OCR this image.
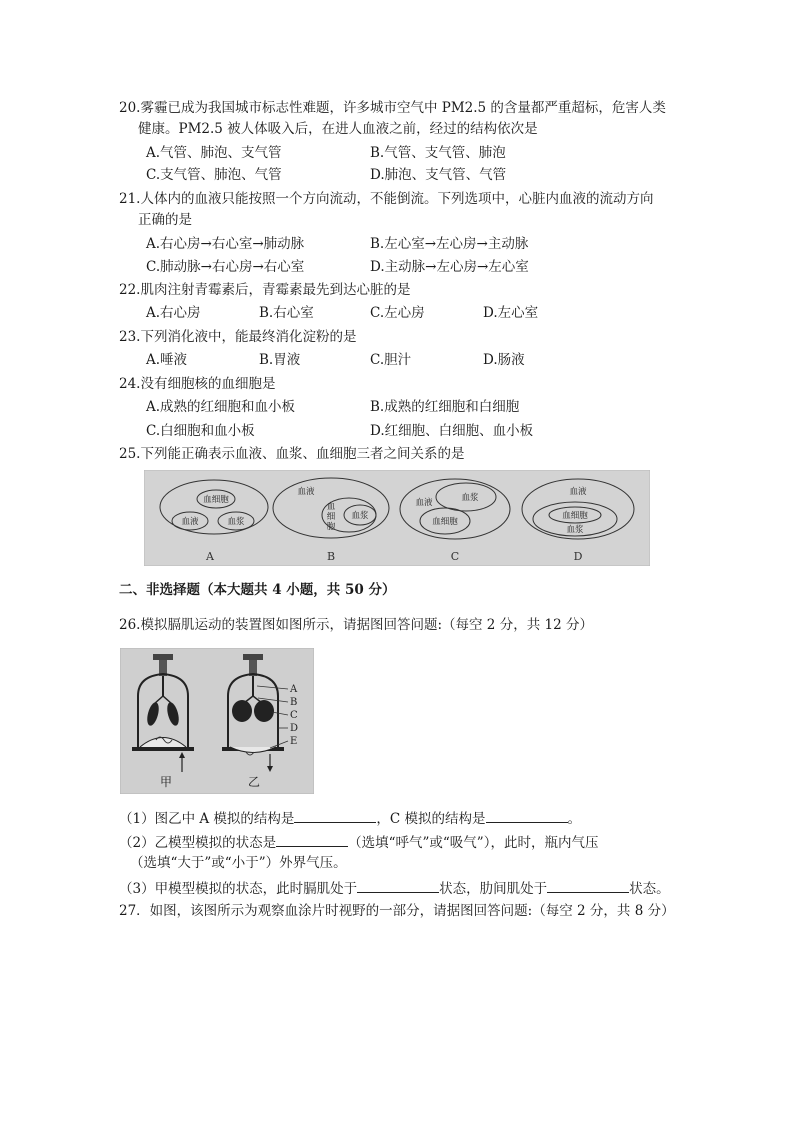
20.雾霾已成为我国城市标志性难题，许多城市空气中 PM2.5 的含量都严重超标，危害人类
健康。PM2.5 被人体吸入后，在进人血液之前，经过的结构依次是
A.气管、肺泡、支气管	B.气管、支气管、肺泡
C.支气管、肺泡、气管	D.肺泡、支气管、气管
21.人体内的血液只能按照一个方向流动，不能倒流。下列选项中，心脏内血液的流动方向
正确的是
A.右心房→右心室→肺动脉	B.左心室→左心房→主动脉
C.肺动脉→右心房→右心室	D.主动脉→左心房→左心室
22.肌肉注射青霉素后，青霉素最先到达心脏的是
A.右心房	B.右心室	C.左心房	D.左心室
23.下列消化液中，能最终消化淀粉的是
A.唾液	B.胃液	C.胆汁	D.肠液
24.没有细胞核的血细胞是
A.成熟的红细胞和血小板	B.成熟的红细胞和白细胞
C.白细胞和血小板	D.红细胞、白细胞、血小板
25.下列能正确表示血液、血浆、血细胞三者之间关系的是
血细胞
血液	血浆
A
血液
血
细
胞
血浆
B
血液	血浆
血细胞
C
血液
血细胞
血浆
D
二、非选择题（本大题共 4 小题，共 50 分）
26.模拟膈肌运动的装置图如图所示，请据图回答问题:（每空 2 分，共 12 分）
甲	乙
A
B
C
D
E
（1）图乙中 A 模拟的结构是	，C 模拟的结构是	。
（2）乙模型模拟的状态是	（选填“呼气”或“吸气”），此时，瓶内气压
（选填“大于”或“小于”）外界气压。
（3）甲模型模拟的状态，此时膈肌处于	状态，肋间肌处于	状态。
27．如图，该图所示为观察血涂片时视野的一部分，请据图回答问题:（每空 2 分，共 8 分）
